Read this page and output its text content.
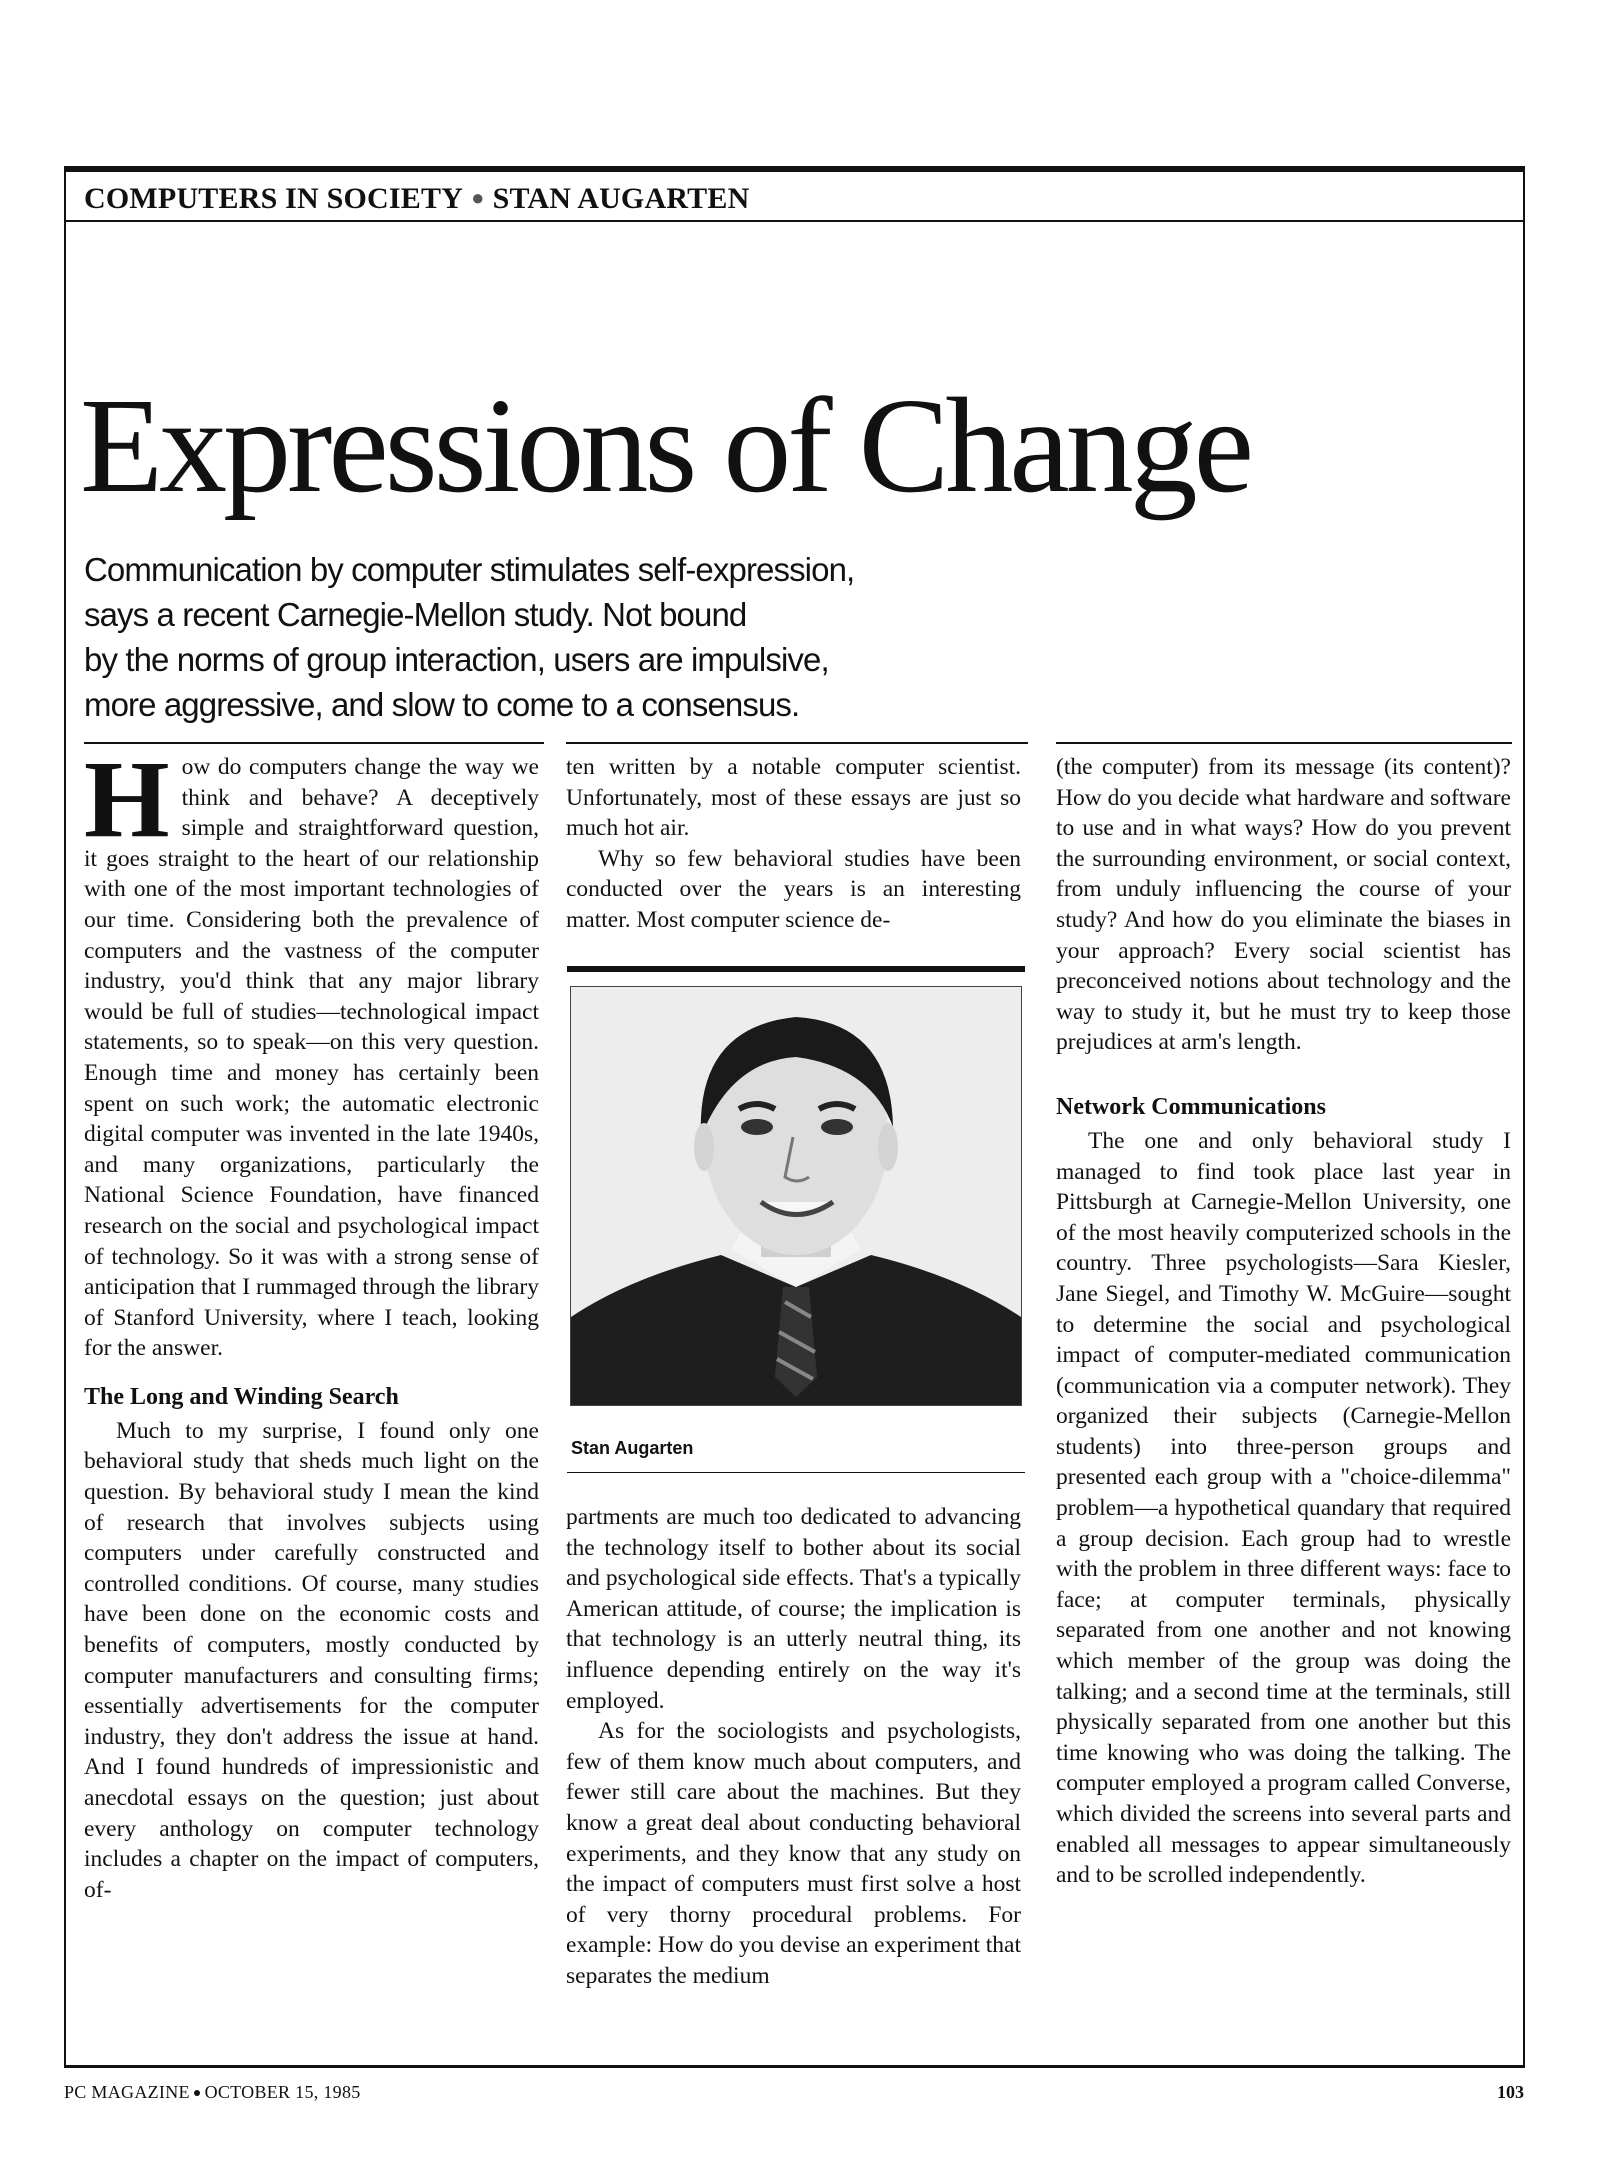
COMPUTERS IN SOCIETY ● STAN AUGARTEN
Expressions of Change

Communication by computer stimulates self-expression,
says a recent Carnegie-Mellon study. Not bound
by the norms of group interaction, users are impulsive,
more aggressive, and slow to come to a consensus.

How do computers change the way we think and behave? A deceptively simple and straightforward question, it goes straight to the heart of our relationship with one of the most important technologies of our time. Considering both the prevalence of computers and the vastness of the computer industry, you'd think that any major library would be full of studies—technological impact statements, so to speak—on this very question. Enough time and money has certainly been spent on such work; the automatic electronic digital computer was invented in the late 1940s, and many organizations, particularly the National Science Foundation, have financed research on the social and psychological impact of technology. So it was with a strong sense of anticipation that I rummaged through the library of Stanford University, where I teach, looking for the answer.

The Long and Winding Search

Much to my surprise, I found only one behavioral study that sheds much light on the question. By behavioral study I mean the kind of research that involves subjects using computers under carefully constructed and controlled conditions. Of course, many studies have been done on the economic costs and benefits of computers, mostly conducted by computer manufacturers and consulting firms; essentially advertisements for the computer industry, they don't address the issue at hand. And I found hundreds of impressionistic and anecdotal essays on the question; just about every anthology on computer technology includes a chapter on the impact of computers, of-

ten written by a notable computer scientist. Unfortunately, most of these essays are just so much hot air.

Why so few behavioral studies have been conducted over the years is an interesting matter. Most computer science de-

Stan Augarten

partments are much too dedicated to advancing the technology itself to bother about its social and psychological side effects. That's a typically American attitude, of course; the implication is that technology is an utterly neutral thing, its influence depending entirely on the way it's employed.

As for the sociologists and psychologists, few of them know much about computers, and fewer still care about the machines. But they know a great deal about conducting behavioral experiments, and they know that any study on the impact of computers must first solve a host of very thorny procedural problems. For example: How do you devise an experiment that separates the medium

(the computer) from its message (its content)? How do you decide what hardware and software to use and in what ways? How do you prevent the surrounding environment, or social context, from unduly influencing the course of your study? And how do you eliminate the biases in your approach? Every social scientist has preconceived notions about technology and the way to study it, but he must try to keep those prejudices at arm's length.

Network Communications

The one and only behavioral study I managed to find took place last year in Pittsburgh at Carnegie-Mellon University, one of the most heavily computerized schools in the country. Three psychologists—Sara Kiesler, Jane Siegel, and Timothy W. McGuire—sought to determine the social and psychological impact of computer-mediated communication (communication via a computer network). They organized their subjects (Carnegie-Mellon students) into three-person groups and presented each group with a "choice-dilemma" problem—a hypothetical quandary that required a group decision. Each group had to wrestle with the problem in three different ways: face to face; at computer terminals, physically separated from one another and not knowing which member of the group was doing the talking; and a second time at the terminals, still physically separated from one another but this time knowing who was doing the talking. The computer employed a program called Converse, which divided the screens into several parts and enabled all messages to appear simultaneously and to be scrolled independently.

PC MAGAZINE ● OCTOBER 15, 1985	103
